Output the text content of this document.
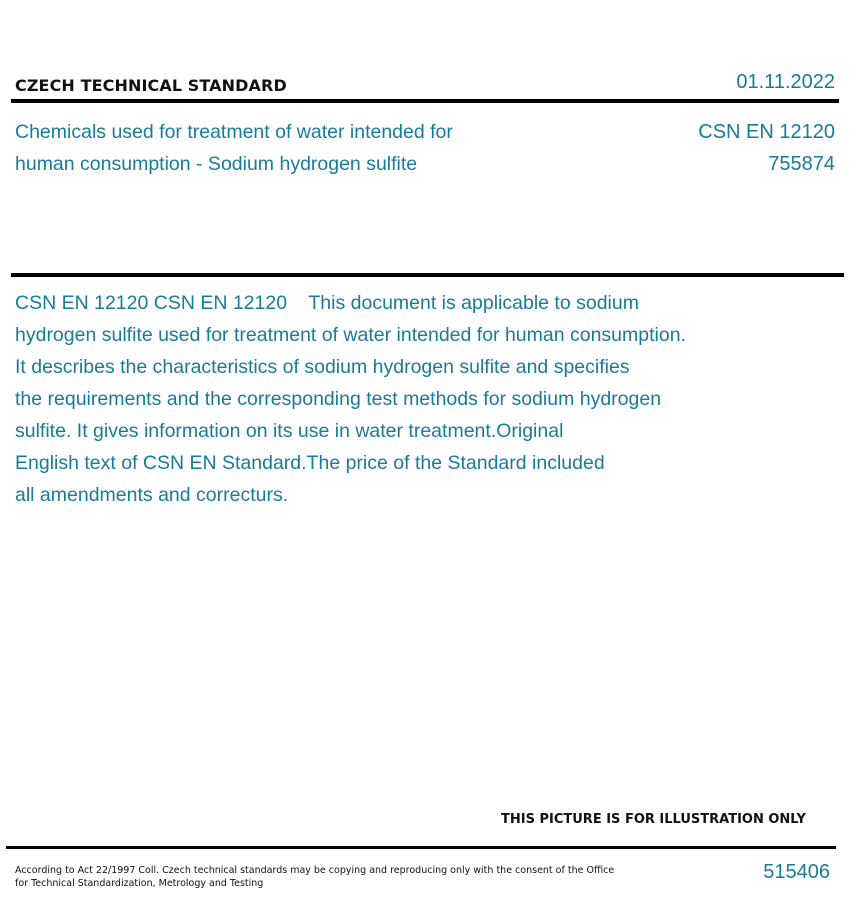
CZECH TECHNICAL STANDARD	01.11.2022
Chemicals used for treatment of water intended for
human consumption - Sodium hydrogen sulfite
CSN EN 12120
755874
CSN EN 12120 CSN EN 12120    This document is applicable to sodium
hydrogen sulfite used for treatment of water intended for human consumption.
It describes the characteristics of sodium hydrogen sulfite and specifies
the requirements and the corresponding test methods for sodium hydrogen
sulfite. It gives information on its use in water treatment.Original
English text of CSN EN Standard.The price of the Standard included
all amendments and correcturs.
THIS PICTURE IS FOR ILLUSTRATION ONLY
According to Act 22/1997 Coll. Czech technical standards may be copying and reproducing only with the consent of the Office
for Technical Standardization, Metrology and Testing
515406
